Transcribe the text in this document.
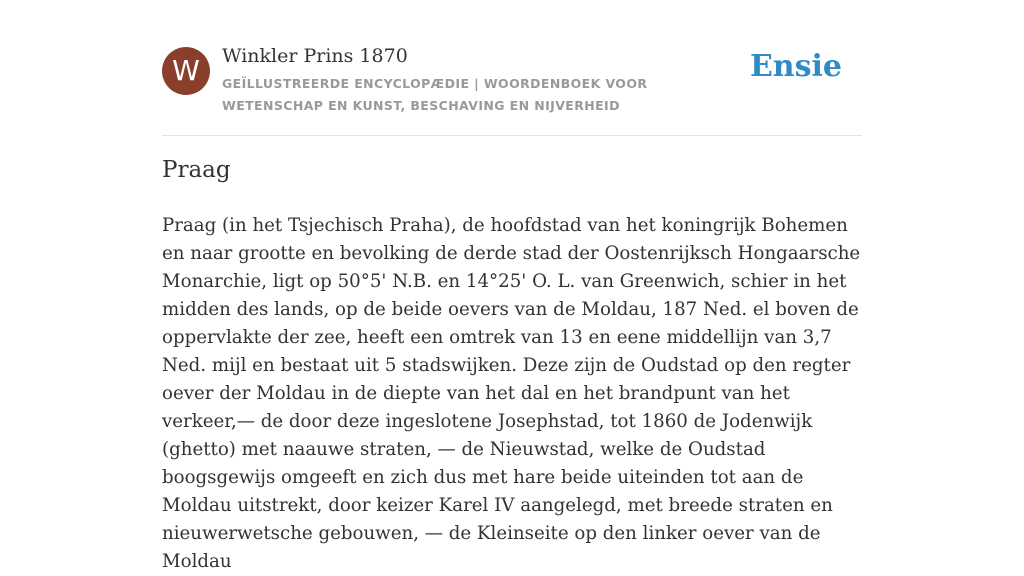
W	Winkler Prins 1870
GEÏLLUSTREERDE ENCYCLOPÆDIE | WOORDENBOEK VOOR WETENSCHAP EN KUNST, BESCHAVING EN NIJVERHEID
Ensie
Praag

Praag (in het Tsjechisch Praha), de hoofdstad van het koningrijk Bohemen en naar grootte en bevolking de derde stad der Oostenrijksch Hongaarsche Monarchie, ligt op 50°5' N.B. en 14°25' O. L. van Greenwich, schier in het midden des lands, op de beide oevers van de Moldau, 187 Ned. el boven de oppervlakte der zee, heeft een omtrek van 13 en eene middellijn van 3,7 Ned. mijl en bestaat uit 5 stadswijken. Deze zijn de Oudstad op den regter oever der Moldau in de diepte van het dal en het brandpunt van het verkeer,— de door deze ingeslotene Josephstad, tot 1860 de Jodenwijk (ghetto) met naauwe straten, — de Nieuwstad, welke de Oudstad boogsgewijs omgeeft en zich dus met hare beide uiteinden tot aan de Moldau uitstrekt, door keizer Karel IV aangelegd, met breede straten en nieuwerwetsche gebouwen, — de Kleinseite op den linker oever van de Moldau
